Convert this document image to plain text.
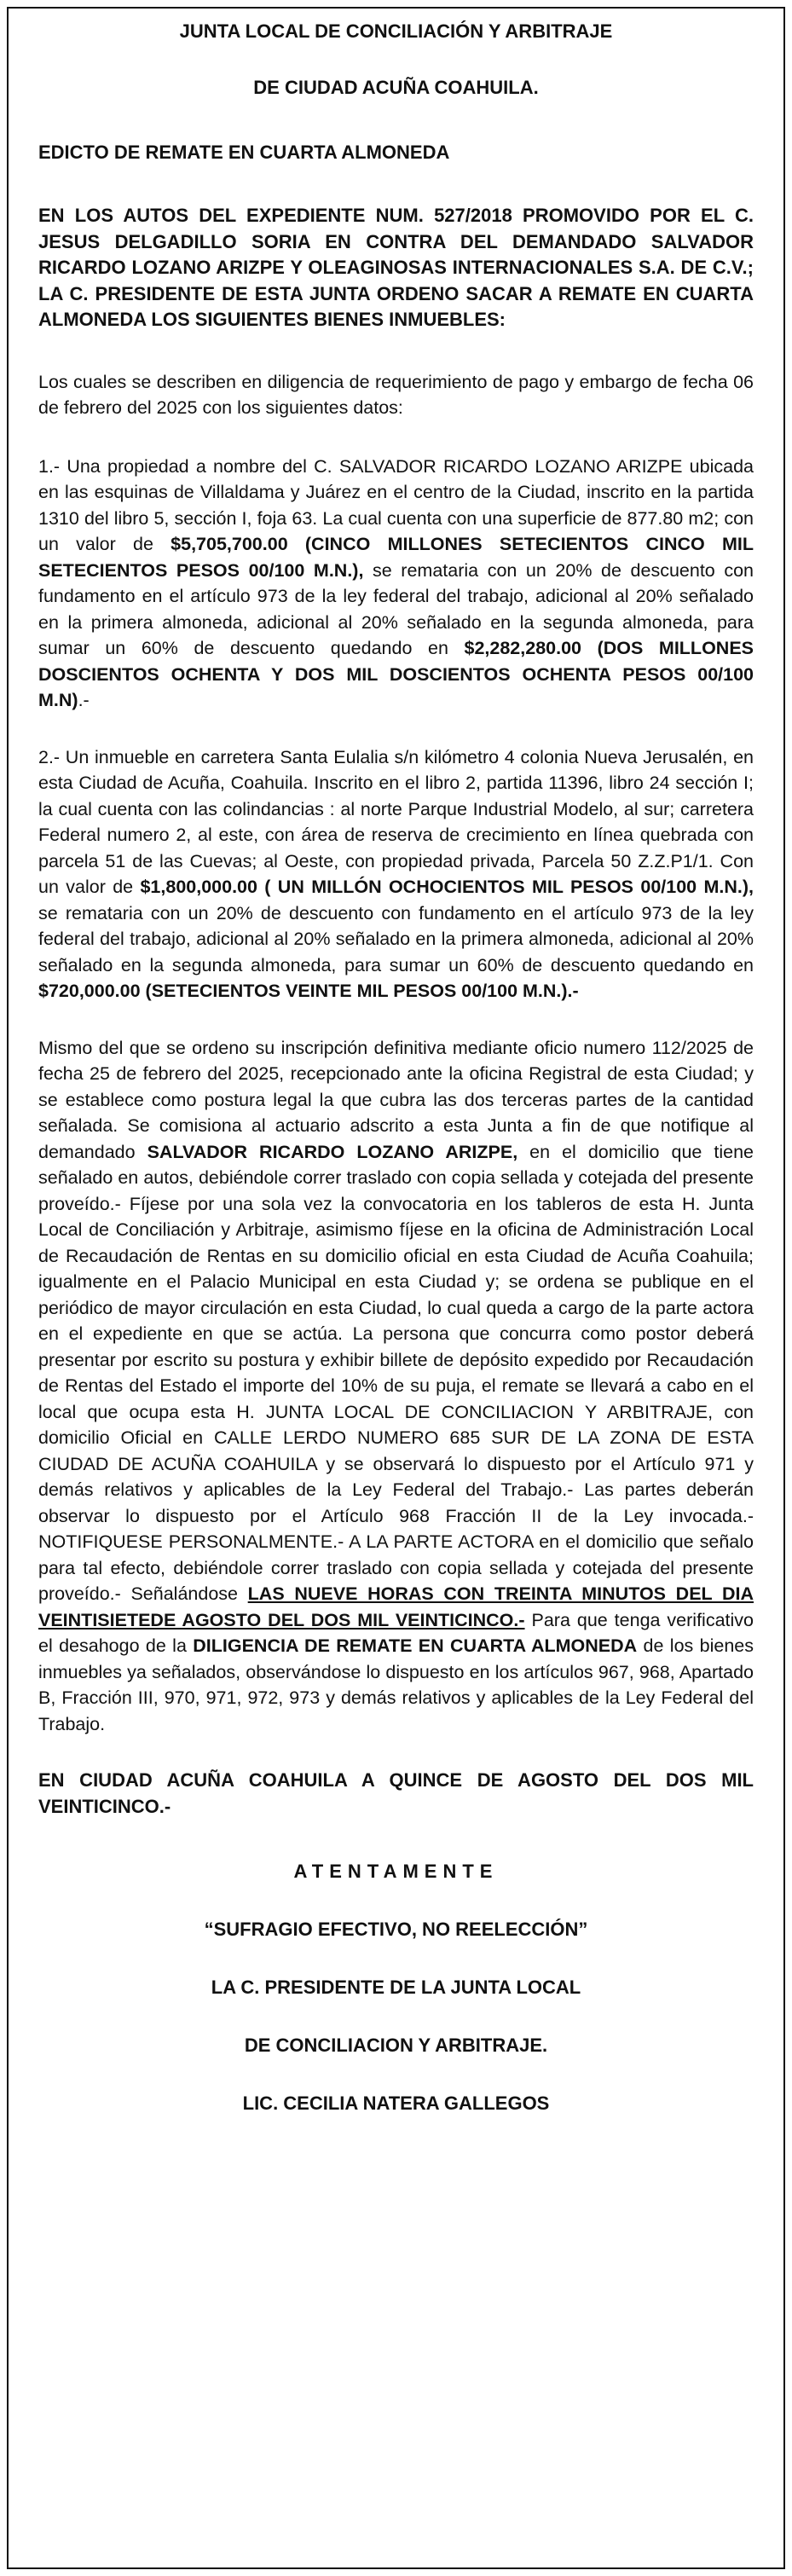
JUNTA LOCAL DE CONCILIACIÓN Y ARBITRAJE

DE CIUDAD ACUÑA COAHUILA.

EDICTO DE REMATE EN CUARTA ALMONEDA

EN LOS AUTOS DEL EXPEDIENTE NUM. 527/2018 PROMOVIDO POR EL C. JESUS DELGADILLO SORIA EN CONTRA DEL DEMANDADO SALVADOR RICARDO LOZANO ARIZPE Y OLEAGINOSAS INTERNACIONALES S.A. DE C.V.; LA C. PRESIDENTE DE ESTA JUNTA ORDENO SACAR A REMATE EN CUARTA ALMONEDA LOS SIGUIENTES BIENES INMUEBLES:

Los cuales se describen en diligencia de requerimiento de pago y embargo de fecha 06 de febrero del 2025 con los siguientes datos:

1.- Una propiedad a nombre del C. SALVADOR RICARDO LOZANO ARIZPE ubicada en las esquinas de Villaldama y Juárez en el centro de la Ciudad, inscrito en la partida 1310 del libro 5, sección I, foja 63. La cual cuenta con una superficie de 877.80 m2; con un valor de $5,705,700.00 (CINCO MILLONES SETECIENTOS CINCO MIL SETECIENTOS PESOS 00/100 M.N.), se remataria con un 20% de descuento con fundamento en el artículo 973 de la ley federal del trabajo, adicional al 20% señalado en la primera almoneda, adicional al 20% señalado en la segunda almoneda, para sumar un 60% de descuento quedando en $2,282,280.00 (DOS MILLONES DOSCIENTOS OCHENTA Y DOS MIL DOSCIENTOS OCHENTA PESOS 00/100 M.N).-

2.- Un inmueble en carretera Santa Eulalia s/n kilómetro 4 colonia Nueva Jerusalén, en esta Ciudad de Acuña, Coahuila. Inscrito en el libro 2, partida 11396, libro 24 sección I; la cual cuenta con las colindancias : al norte Parque Industrial Modelo, al sur; carretera Federal numero 2, al este, con área de reserva de crecimiento en línea quebrada con parcela 51 de las Cuevas; al Oeste, con propiedad privada, Parcela 50 Z.Z.P1/1. Con un valor de $1,800,000.00 ( UN MILLÓN OCHOCIENTOS MIL PESOS 00/100 M.N.), se remataria con un 20% de descuento con fundamento en el artículo 973 de la ley federal del trabajo, adicional al 20% señalado en la primera almoneda, adicional al 20% señalado en la segunda almoneda, para sumar un 60% de descuento quedando en $720,000.00 (SETECIENTOS VEINTE MIL PESOS 00/100 M.N.).-

Mismo del que se ordeno su inscripción definitiva mediante oficio numero 112/2025 de fecha 25 de febrero del 2025, recepcionado ante la oficina Registral de esta Ciudad; y se establece como postura legal la que cubra las dos terceras partes de la cantidad señalada. Se comisiona al actuario adscrito a esta Junta a fin de que notifique al demandado SALVADOR RICARDO LOZANO ARIZPE, en el domicilio que tiene señalado en autos, debiéndole correr traslado con copia sellada y cotejada del presente proveído.- Fíjese por una sola vez la convocatoria en los tableros de esta H. Junta Local de Conciliación y Arbitraje, asimismo fíjese en la oficina de Administración Local de Recaudación de Rentas en su domicilio oficial en esta Ciudad de Acuña Coahuila; igualmente en el Palacio Municipal en esta Ciudad y; se ordena se publique en el periódico de mayor circulación en esta Ciudad, lo cual queda a cargo de la parte actora en el expediente en que se actúa. La persona que concurra como postor deberá presentar por escrito su postura y exhibir billete de depósito expedido por Recaudación de Rentas del Estado el importe del 10% de su puja, el remate se llevará a cabo en el local que ocupa esta H. JUNTA LOCAL DE CONCILIACION Y ARBITRAJE, con domicilio Oficial en CALLE LERDO NUMERO 685 SUR DE LA ZONA DE ESTA CIUDAD DE ACUÑA COAHUILA y se observará lo dispuesto por el Artículo 971 y demás relativos y aplicables de la Ley Federal del Trabajo.- Las partes deberán observar lo dispuesto por el Artículo 968 Fracción II de la Ley invocada.- NOTIFIQUESE PERSONALMENTE.- A LA PARTE ACTORA en el domicilio que señalo para tal efecto, debiéndole correr traslado con copia sellada y cotejada del presente proveído.- Señalándose LAS NUEVE HORAS CON TREINTA MINUTOS DEL DIA VEINTISIETEDE AGOSTO DEL DOS MIL VEINTICINCO.- Para que tenga verificativo el desahogo de la DILIGENCIA DE REMATE EN CUARTA ALMONEDA de los bienes inmuebles ya señalados, observándose lo dispuesto en los artículos 967, 968, Apartado B, Fracción III, 970, 971, 972, 973 y demás relativos y aplicables de la Ley Federal del Trabajo.

EN CIUDAD ACUÑA COAHUILA A QUINCE DE AGOSTO DEL DOS MIL VEINTICINCO.-

ATENTAMENTE

“SUFRAGIO EFECTIVO, NO REELECCIÓN”

LA C. PRESIDENTE DE LA JUNTA LOCAL

DE CONCILIACION Y ARBITRAJE.

LIC. CECILIA NATERA GALLEGOS
